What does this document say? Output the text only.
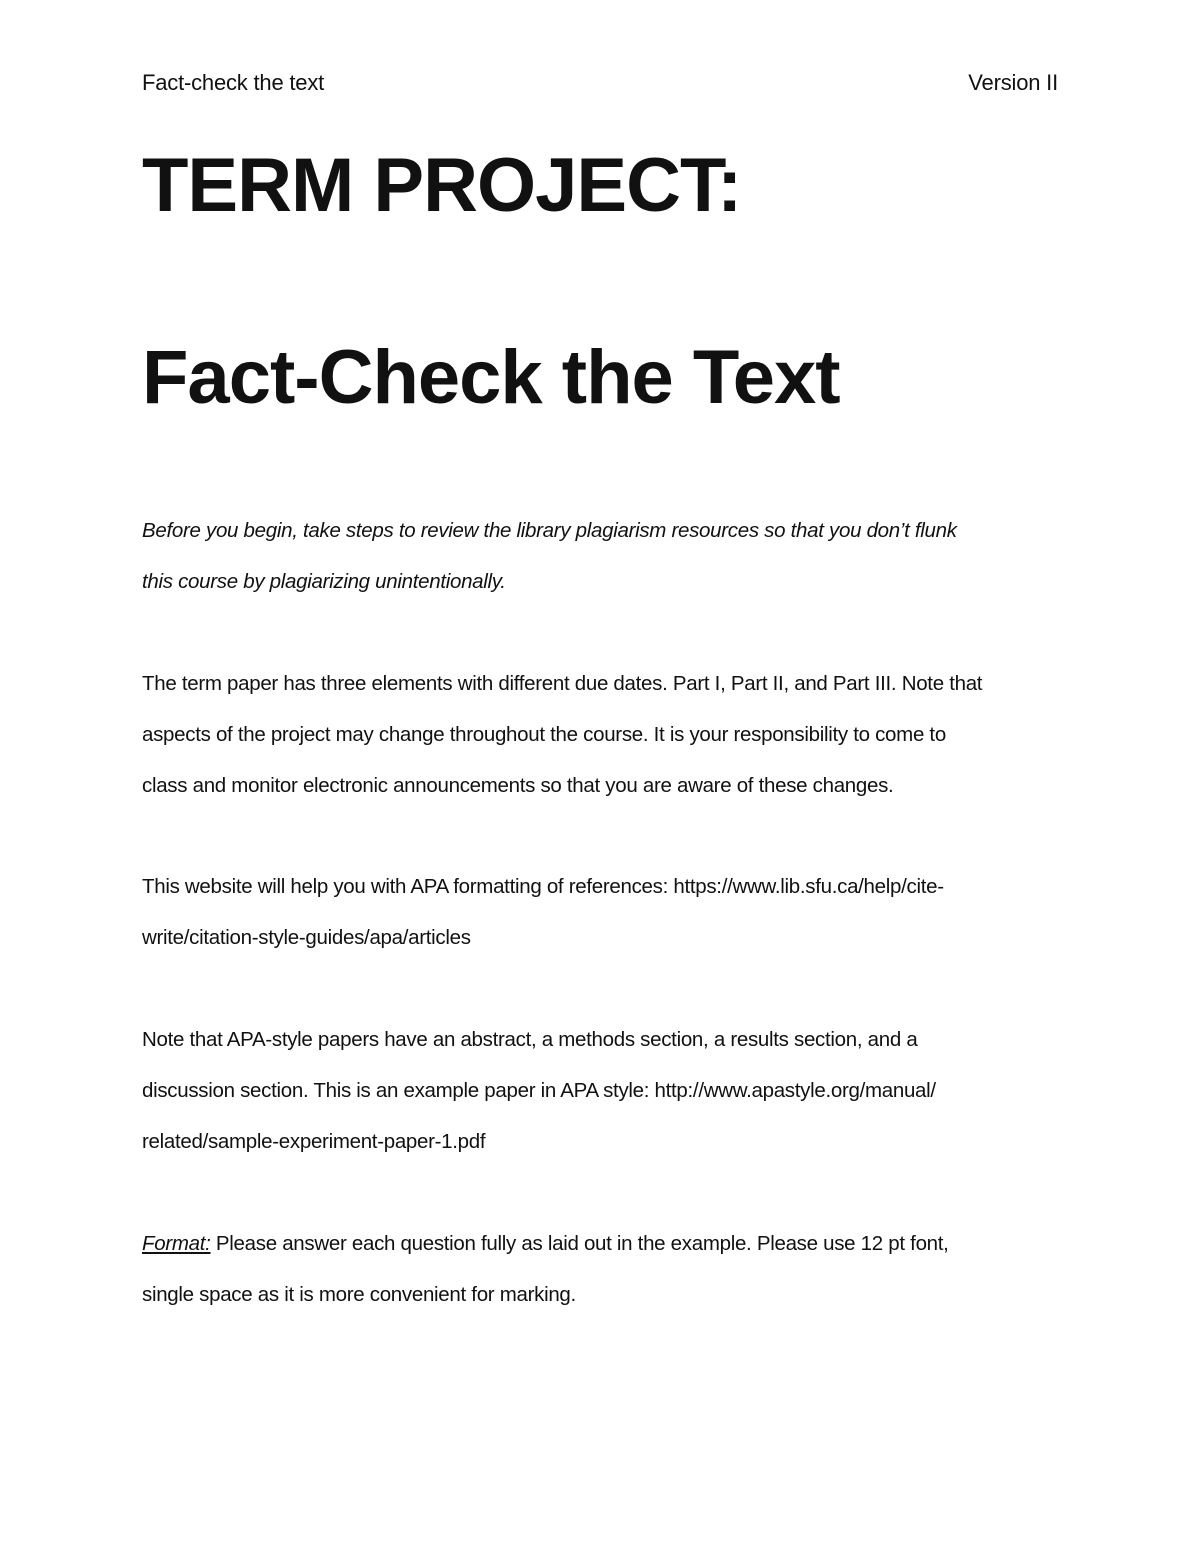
Fact-check the text	Version II
TERM PROJECT:
Fact-Check the Text

Before you begin, take steps to review the library plagiarism resources so that you don’t flunk
this course by plagiarizing unintentionally.

The term paper has three elements with different due dates. Part I, Part II, and Part III. Note that
aspects of the project may change throughout the course. It is your responsibility to come to
class and monitor electronic announcements so that you are aware of these changes.

This website will help you with APA formatting of references: https://www.lib.sfu.ca/help/cite-
write/citation-style-guides/apa/articles

Note that APA-style papers have an abstract, a methods section, a results section, and a
discussion section. This is an example paper in APA style: http://www.apastyle.org/manual/
related/sample-experiment-paper-1.pdf

Format: Please answer each question fully as laid out in the example. Please use 12 pt font,
single space as it is more convenient for marking.
